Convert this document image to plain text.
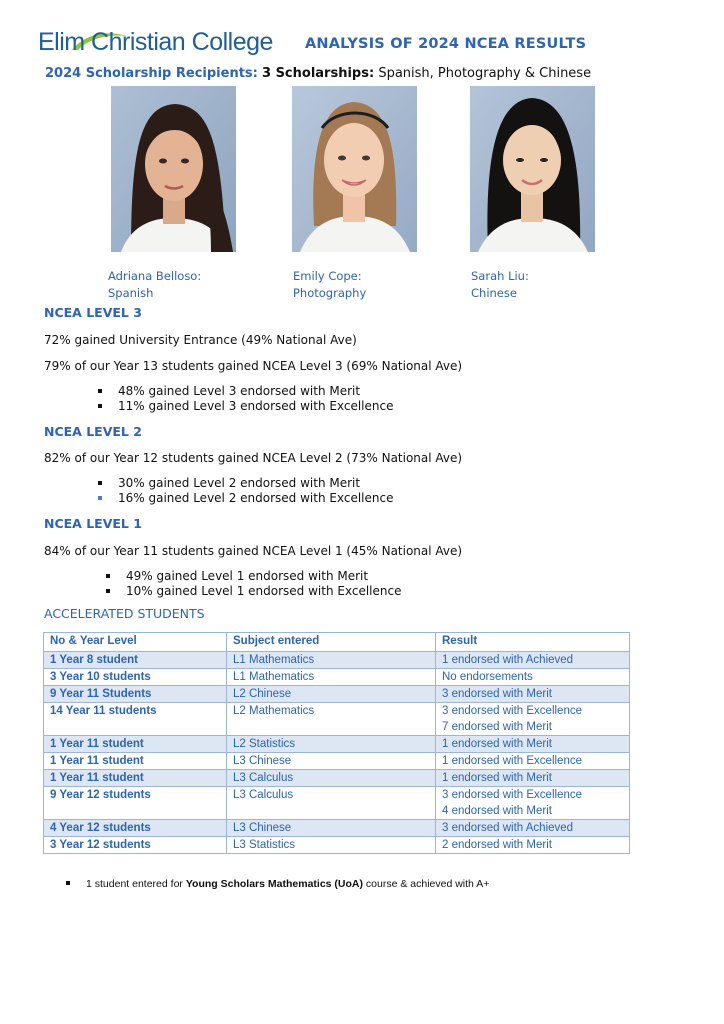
Elim Christian College ANALYSIS OF 2024 NCEA RESULTS
2024 Scholarship Recipients: 3 Scholarships: Spanish, Photography & Chinese
Adriana Belloso:
Spanish
Emily Cope:
Photography
Sarah Liu:
Chinese
NCEA LEVEL 3
72% gained University Entrance (49% National Ave)
79% of our Year 13 students gained NCEA Level 3 (69% National Ave)
48% gained Level 3 endorsed with Merit
11% gained Level 3 endorsed with Excellence
NCEA LEVEL 2
82% of our Year 12 students gained NCEA Level 2 (73% National Ave)
30% gained Level 2 endorsed with Merit
16% gained Level 2 endorsed with Excellence
NCEA LEVEL 1
84% of our Year 11 students gained NCEA Level 1 (45% National Ave)
49% gained Level 1 endorsed with Merit
10% gained Level 1 endorsed with Excellence
ACCELERATED STUDENTS
No & Year Level	Subject entered	Result
1 Year 8 student	L1 Mathematics	1 endorsed with Achieved

3 Year 10 students	L1 Mathematics	No endorsements

9 Year 11 Students	L2 Chinese	3 endorsed with Merit

14 Year 11 students	L2 Mathematics	3 endorsed with Excellence
7 endorsed with Merit

1 Year 11 student	L2 Statistics	1 endorsed with Merit

1 Year 11 student	L3 Chinese	1 endorsed with Excellence

1 Year 11 student	L3 Calculus	1 endorsed with Merit

9 Year 12 students	L3 Calculus	3 endorsed with Excellence
4 endorsed with Merit

4 Year 12 students	L3 Chinese	3 endorsed with Achieved

3 Year 12 students	L3 Statistics	2 endorsed with Merit
1 student entered for Young Scholars Mathematics (UoA) course & achieved with A+
